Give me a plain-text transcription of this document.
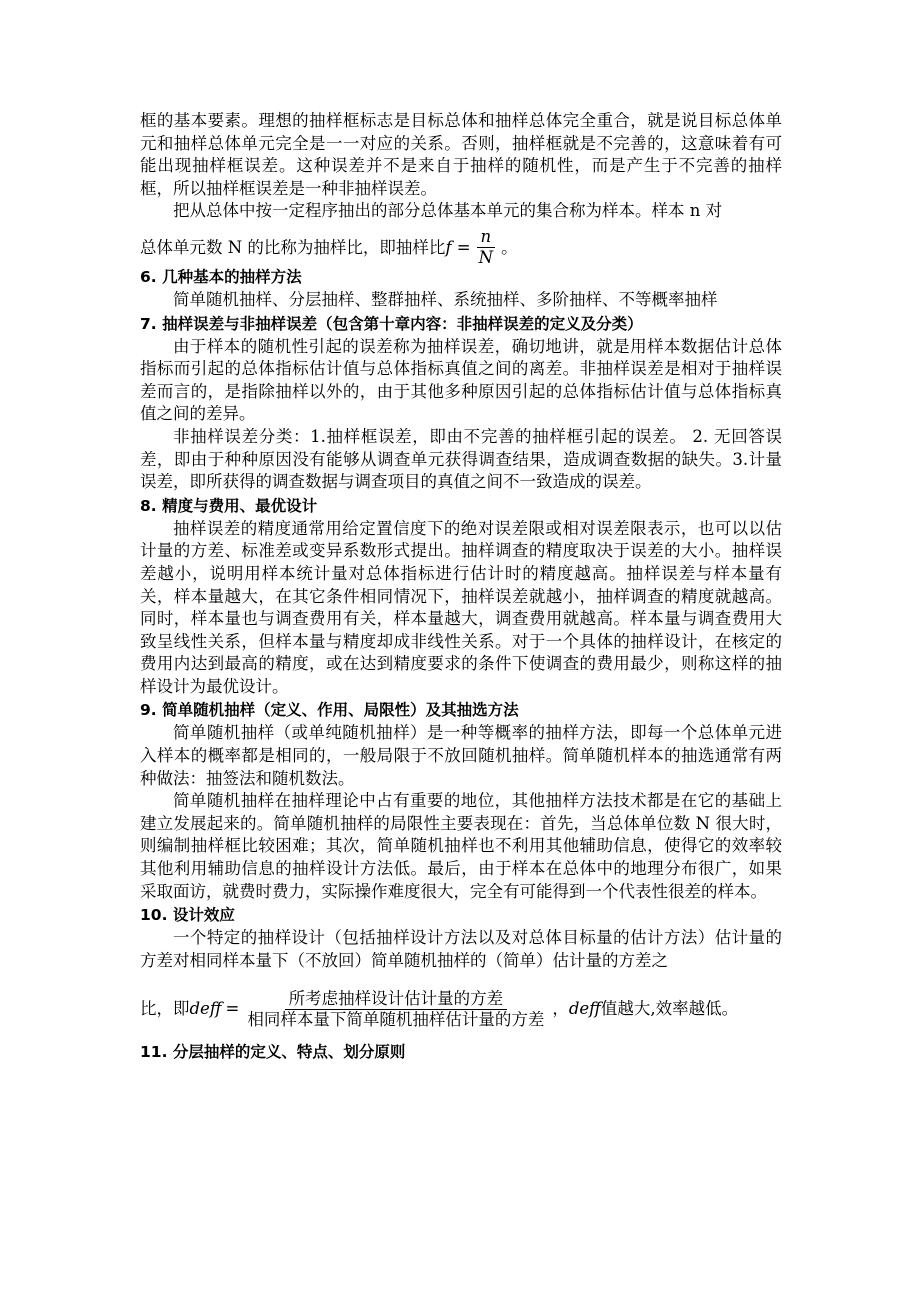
框的基本要素。理想的抽样框标志是目标总体和抽样总体完全重合，就是说目标总体单元和抽样总体单元完全是一一对应的关系。否则，抽样框就是不完善的，这意味着有可能出现抽样框误差。这种误差并不是来自于抽样的随机性，而是产生于不完善的抽样框，所以抽样框误差是一种非抽样误差。

把从总体中按一定程序抽出的部分总体基本单元的集合称为样本。样本 n 对

总体单元数 N 的比称为抽样比，即抽样比 $f = \frac{n}{N}$ 。

6. 几种基本的抽样方法

简单随机抽样、分层抽样、整群抽样、系统抽样、多阶抽样、不等概率抽样

7. 抽样误差与非抽样误差（包含第十章内容：非抽样误差的定义及分类）

由于样本的随机性引起的误差称为抽样误差，确切地讲，就是用样本数据估计总体指标而引起的总体指标估计值与总体指标真值之间的离差。非抽样误差是相对于抽样误差而言的，是指除抽样以外的，由于其他多种原因引起的总体指标估计值与总体指标真值之间的差异。

非抽样误差分类：1.抽样框误差，即由不完善的抽样框引起的误差。 2. 无回答误差，即由于种种原因没有能够从调查单元获得调查结果，造成调查数据的缺失。3.计量误差，即所获得的调查数据与调查项目的真值之间不一致造成的误差。

8. 精度与费用、最优设计

抽样误差的精度通常用给定置信度下的绝对误差限或相对误差限表示，也可以以估计量的方差、标准差或变异系数形式提出。抽样调查的精度取决于误差的大小。抽样误差越小，说明用样本统计量对总体指标进行估计时的精度越高。抽样误差与样本量有关，样本量越大，在其它条件相同情况下，抽样误差就越小，抽样调查的精度就越高。同时，样本量也与调查费用有关，样本量越大，调查费用就越高。样本量与调查费用大致呈线性关系，但样本量与精度却成非线性关系。对于一个具体的抽样设计，在核定的费用内达到最高的精度，或在达到精度要求的条件下使调查的费用最少，则称这样的抽样设计为最优设计。

9. 简单随机抽样（定义、作用、局限性）及其抽选方法

简单随机抽样（或单纯随机抽样）是一种等概率的抽样方法，即每一个总体单元进入样本的概率都是相同的，一般局限于不放回随机抽样。简单随机样本的抽选通常有两种做法：抽签法和随机数法。

简单随机抽样在抽样理论中占有重要的地位，其他抽样方法技术都是在它的基础上建立发展起来的。简单随机抽样的局限性主要表现在：首先，当总体单位数 N 很大时，则编制抽样框比较困难；其次，简单随机抽样也不利用其他辅助信息，使得它的效率较其他利用辅助信息的抽样设计方法低。最后，由于样本在总体中的地理分布很广，如果采取面访，就费时费力，实际操作难度很大，完全有可能得到一个代表性很差的样本。

10. 设计效应

一个特定的抽样设计（包括抽样设计方法以及对总体目标量的估计方法）估计量的方差对相同样本量下（不放回）简单随机抽样的（简单）估计量的方差之

比，即 deff = $\frac{\text{所考虑抽样设计估计量的方差}}{\text{相同样本量下简单随机抽样估计量的方差}}$ ， deff 值越大,效率越低。

11. 分层抽样的定义、特点、划分原则
